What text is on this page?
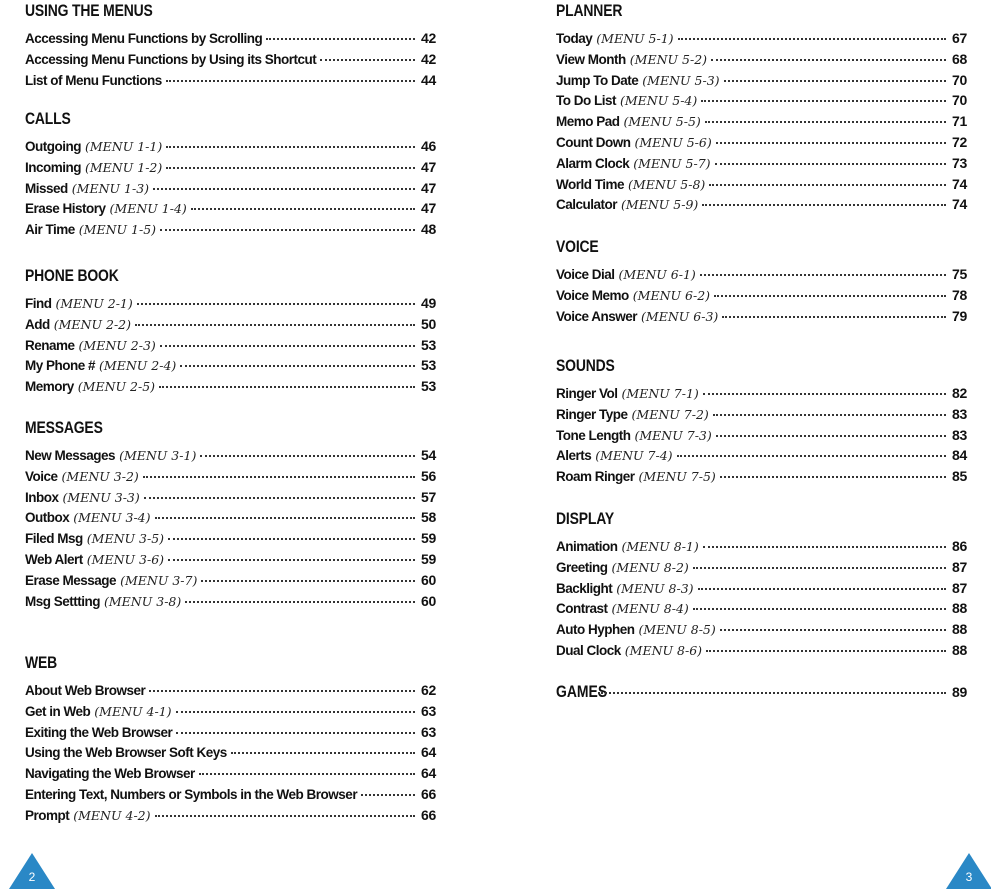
USING THE MENUS
Accessing Menu Functions by Scrolling	42
Accessing Menu Functions by Using its Shortcut	42
List of Menu Functions	44
CALLS
Outgoing (MENU 1-1)	46
Incoming (MENU 1-2)	47
Missed (MENU 1-3)	47
Erase History (MENU 1-4)	47
Air Time (MENU 1-5)	48
PHONE BOOK
Find (MENU 2-1)	49
Add (MENU 2-2)	50
Rename (MENU 2-3)	53
My Phone # (MENU 2-4)	53
Memory (MENU 2-5)	53
MESSAGES
New Messages (MENU 3-1)	54
Voice (MENU 3-2)	56
Inbox (MENU 3-3)	57
Outbox (MENU 3-4)	58
Filed Msg (MENU 3-5)	59
Web Alert (MENU 3-6)	59
Erase Message (MENU 3-7)	60
Msg Settting (MENU 3-8)	60
WEB
About Web Browser	62
Get in Web (MENU 4-1)	63
Exiting the Web Browser	63
Using the Web Browser Soft Keys	64
Navigating the Web Browser	64
Entering Text, Numbers or Symbols in the Web Browser	66
Prompt (MENU 4-2)	66
PLANNER
Today (MENU 5-1)	67
View Month (MENU 5-2)	68
Jump To Date (MENU 5-3)	70
To Do List (MENU 5-4)	70
Memo Pad (MENU 5-5)	71
Count Down (MENU 5-6)	72
Alarm Clock (MENU 5-7)	73
World Time (MENU 5-8)	74
Calculator (MENU 5-9)	74
VOICE
Voice Dial (MENU 6-1)	75
Voice Memo (MENU 6-2)	78
Voice Answer (MENU 6-3)	79
SOUNDS
Ringer Vol (MENU 7-1)	82
Ringer Type (MENU 7-2)	83
Tone Length (MENU 7-3)	83
Alerts (MENU 7-4)	84
Roam Ringer (MENU 7-5)	85
DISPLAY
Animation (MENU 8-1)	86
Greeting (MENU 8-2)	87
Backlight (MENU 8-3)	87
Contrast (MENU 8-4)	88
Auto Hyphen (MENU 8-5)	88
Dual Clock (MENU 8-6)	88
GAMES	89
2	3
